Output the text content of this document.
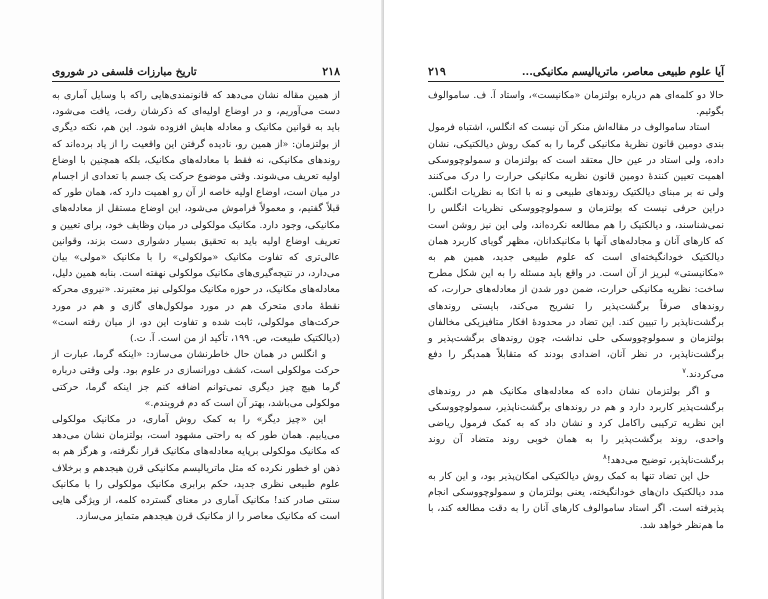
۲۱۸
تاریخ مبارزات فلسفی در شوروی

از همین مقاله نشان می‌دهد که قانونمندی‌هایی راکه با وسایل آماری به دست می‌آوریم، و در اوضاع اولیه‌ای که ذکرشان رفت، یافت می‌شود، باید به قوانین مکانیک و معادله هایش افزوده شود. این هم، نکته دیگری از بولتزمان: «از همین رو، نادیده گرفتن این واقعیت را از یاد برده‌اند که روندهای مکانیکی، نه فقط با معادله‌های مکانیک، بلکه همچنین با اوضاع اولیه تعریف می‌شوند. وقتی موضوع حرکت یک جسم با تعدادی از اجسام در میان است، اوضاع اولیه خاصه از آن رو اهمیت دارد که، همان طور که قبلاً گفتیم، و معمولاً فراموش می‌شود، این اوضاع مستقل از معادله‌های مکانیکی، وجود دارد. مکانیک مولکولی در میان وظایف خود، برای تعیین و تعریف اوضاع اولیه باید به تحقیق بسیار دشواری دست بزند، وقوانین عالی‌تری که تفاوت مکانیک «مولکولی» را با مکانیک «مولی» بیان می‌دارد، در نتیجه‌گیری‌های مکانیک مولکولی نهفته است. بنابه همین دلیل، معادله‌های مکانیک، در حوزه مکانیک مولکولی نیز معتبرند. «نیروی محرکه نقطهٔ مادی متحرک هم در مورد مولکول‌های گازی و هم در مورد حرکت‌های مولکولی، ثابت شده و تفاوت این دو، از میان رفته است» (دیالکتیک طبیعت، ص. ۱۹۹، تأکید از من است. آ. ت.)

و انگلس در همان حال خاطرنشان می‌سازد: «اینکه گرما، عبارت از حرکت مولکولی است، کشف دورانسازی در علوم بود. ولی وقتی درباره گرما هیچ چیز دیگری نمی‌توانم اضافه کنم جز اینکه گرما، حرکتی مولکولی می‌باشد، بهتر آن است که دم فروبندم.»

این «چیز دیگر» را به کمک روش آماری، در مکانیک مولکولی می‌یابیم. همان طور که به راحتی مشهود است، بولتزمان نشان می‌دهد که مکانیک مولکولی برپایه معادله‌های مکانیک قرار نگرفته، و هرگز هم به ذهن او خطور نکرده که مثل ماتریالیسم مکانیکی قرن هیجدهم و برخلاف علوم طبیعی نظری جدید، حکم برابری مکانیک مولکولی را با مکانیک سنتی صادر کند! مکانیک آماری در معنای گسترده کلمه، از ویژگی هایی است که مکانیک معاصر را از مکانیک قرن هیجدهم متمایز می‌سازد.

آیا علوم طبیعی معاصر، ماتریالیسم مکانیکی...
۲۱۹

حالا دو کلمه‌ای هم درباره بولتزمان «مکانیست»، واستاد آ. ف. ساموالوف بگوئیم.

استاد ساموالوف در مقاله‌اش منکر آن نیست که انگلس، اشتباه فرمول بندی دومین قانون نظریهٔ مکانیکی گرما را به کمک روش دیالکتیکی، نشان داده، ولی استاد در عین حال معتقد است که بولتزمان و سمولوچووسکی اهمیت تعیین کنندهٔ دومین قانون نظریه مکانیکی حرارت را درک می‌کنند ولی نه بر مبنای دیالکتیک روندهای طبیعی و نه با اتکا به نظریات انگلس. دراین حرفی نیست که بولتزمان و سمولوچووسکی نظریات انگلس را نمی‌شناسند، و دیالکتیک را هم مطالعه نکرده‌اند، ولی این نیز روشن است که کارهای آنان و مجادله‌های آنها با مکانیکدانان، مظهر گویای کاربرد همان دیالکتیک خودانگیخته‌ای است که علوم طبیعی جدید، همین هم به «مکانیستی» لبریز از آن است. در واقع باید مسئله را به این شکل مطرح ساخت: نظریه مکانیکی حرارت، ضمن دور شدن از معادله‌های حرارت، که روندهای صرفاً برگشت‌پذیر را تشریح می‌کند، بایستی روندهای برگشت‌ناپذیر را تبیین کند. این تضاد در محدودهٔ افکار متافیزیکی مخالفان بولتزمان و سمولوچووسکی حلی نداشت، چون روندهای برگشت‌پذیر و برگشت‌ناپذیر، در نظر آنان، اضدادی بودند که متقابلاً همدیگر را دفع می‌کردند.$^۷$

و اگر بولتزمان نشان داده که معادله‌های مکانیک هم در روندهای برگشت‌پذیر کاربرد دارد و هم در روندهای برگشت‌ناپذیر، سمولوچووسکی این نظریه ترکیبی راکامل کرد و نشان داد که به کمک فرمول ریاضی واحدی، روند برگشت‌پذیر را به همان خوبی روند متضاد آن روند برگشت‌ناپذیر، توضیح می‌دهد!$^۸$

حل این تضاد تنها به کمک روش دیالکتیکی امکان‌پذیر بود، و این کار به مدد دیالکتیک دان‌های خودانگیخته، یعنی بولتزمان و سمولوچووسکی انجام پذیرفته است. اگر استاد ساموالوف کارهای آنان را به دقت مطالعه کند، با ما هم‌نظر خواهد شد.
